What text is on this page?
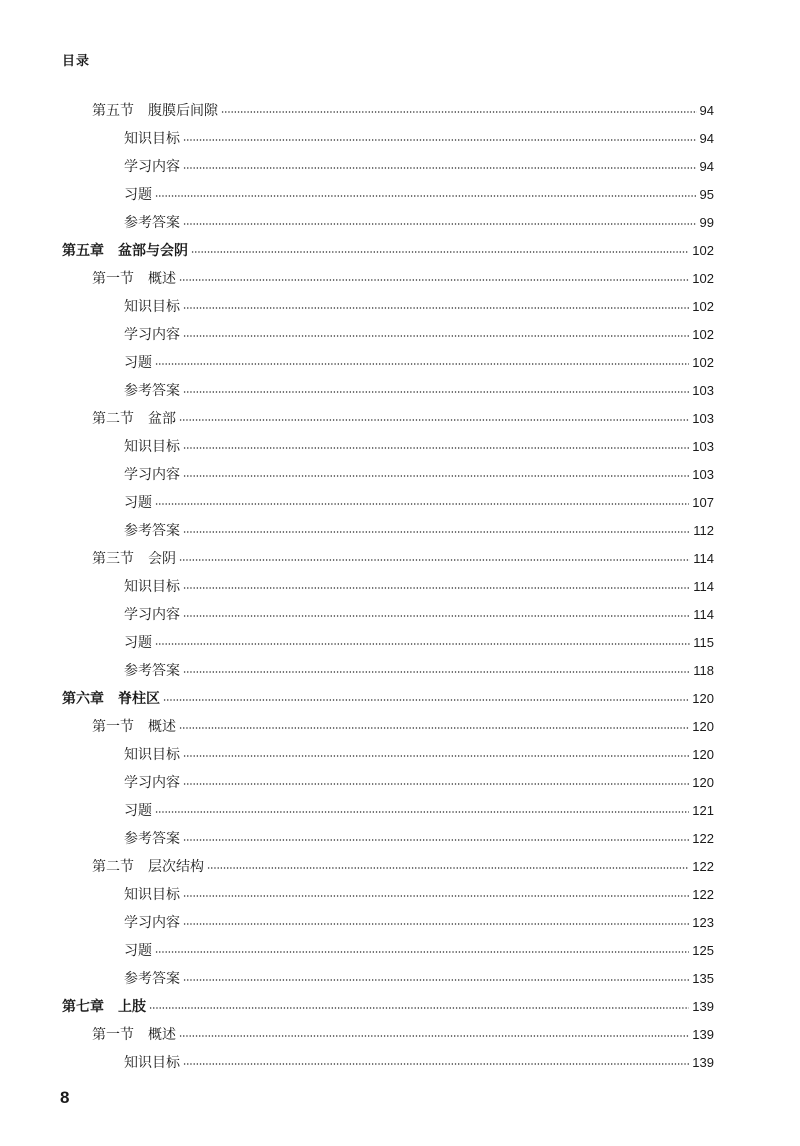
目录
第五节 腹膜后间隙	94
知识目标	94
学习内容	94
习题	95
参考答案	99
第五章 盆部与会阴	102
第一节 概述	102
知识目标	102
学习内容	102
习题	102
参考答案	103
第二节 盆部	103
知识目标	103
学习内容	103
习题	107
参考答案	112
第三节 会阴	114
知识目标	114
学习内容	114
习题	115
参考答案	118
第六章 脊柱区	120
第一节 概述	120
知识目标	120
学习内容	120
习题	121
参考答案	122
第二节 层次结构	122
知识目标	122
学习内容	123
习题	125
参考答案	135
第七章 上肢	139
第一节 概述	139
知识目标	139
8
